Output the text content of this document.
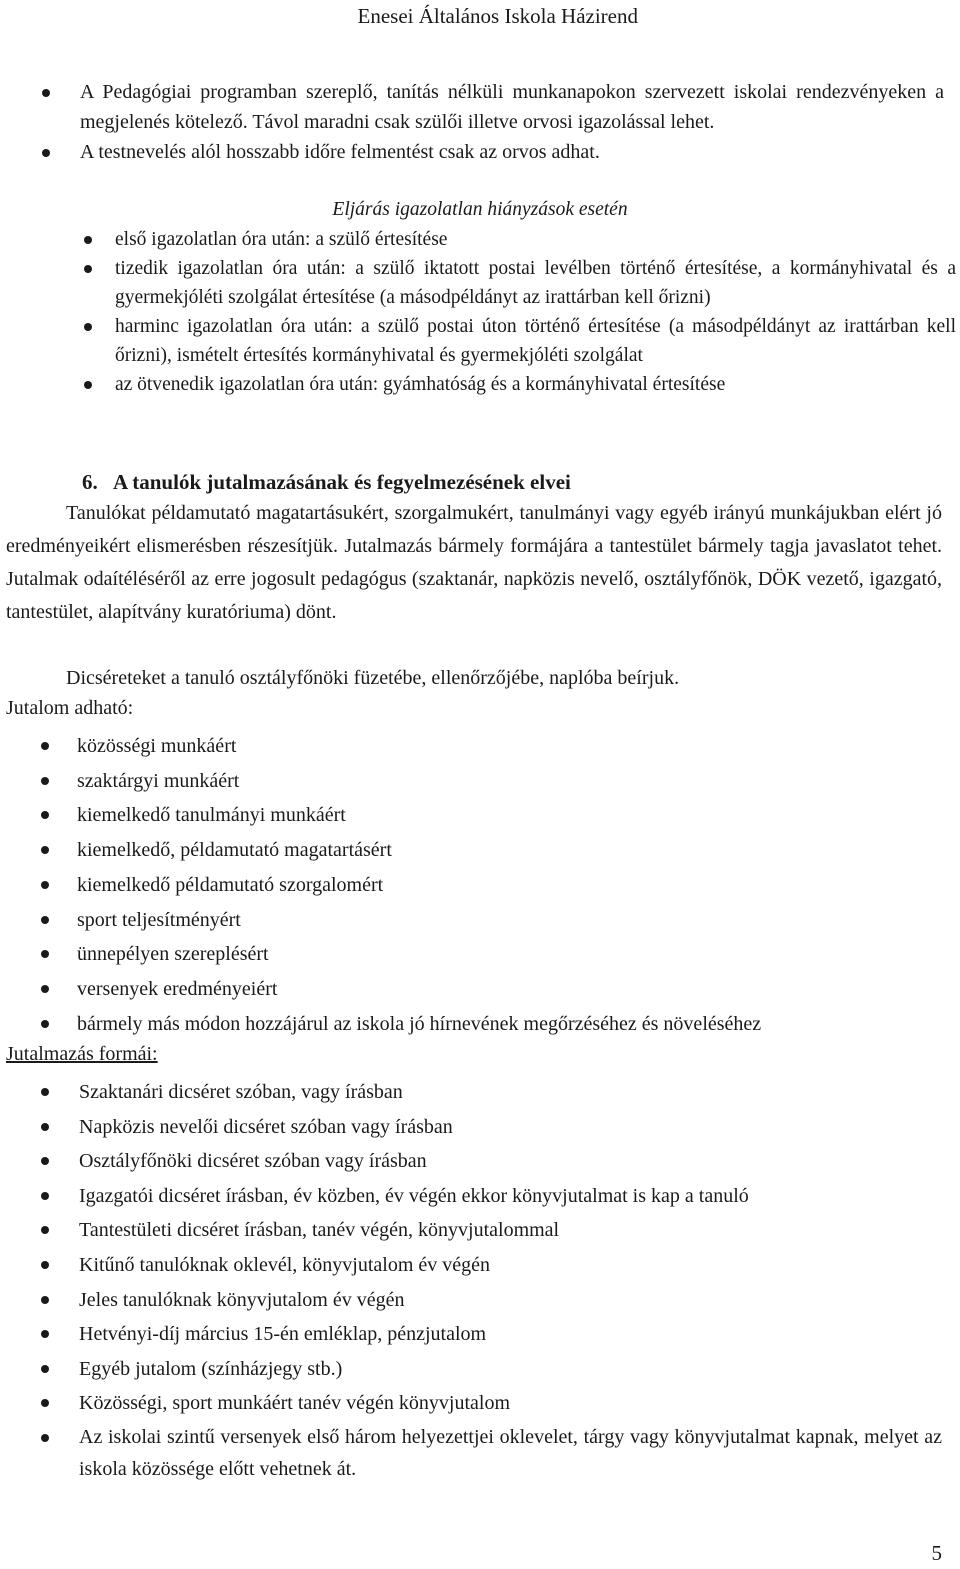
Enesei Általános Iskola Házirend
A Pedagógiai programban szereplő, tanítás nélküli munkanapokon szervezett iskolai rendezvényeken a megjelenés kötelező. Távol maradni csak szülői illetve orvosi igazolással lehet.
A testnevelés alól hosszabb időre felmentést csak az orvos adhat.
Eljárás igazolatlan hiányzások esetén
első igazolatlan óra után: a szülő értesítése
tizedik igazolatlan óra után: a szülő iktatott postai levélben történő értesítése, a kormányhivatal és a gyermekjóléti szolgálat értesítése (a másodpéldányt az irattárban kell őrizni)
harminc igazolatlan óra után: a szülő postai úton történő értesítése (a másodpéldányt az irattárban kell őrizni), ismételt értesítés kormányhivatal és gyermekjóléti szolgálat
az ötvenedik igazolatlan óra után: gyámhatóság és a kormányhivatal értesítése
6. A tanulók jutalmazásának és fegyelmezésének elvei
Tanulókat példamutató magatartásukért, szorgalmukért, tanulmányi vagy egyéb irányú munkájukban elért jó eredményeikért elismerésben részesítjük. Jutalmazás bármely formájára a tantestület bármely tagja javaslatot tehet. Jutalmak odaítéléséről az erre jogosult pedagógus (szaktanár, napközis nevelő, osztályfőnök, DÖK vezető, igazgató, tantestület, alapítvány kuratóriuma) dönt.
Dicséreteket a tanuló osztályfőnöki füzetébe, ellenőrzőjébe, naplóba beírjuk.
Jutalom adható:
közösségi munkáért
szaktárgyi munkáért
kiemelkedő tanulmányi munkáért
kiemelkedő, példamutató magatartásért
kiemelkedő példamutató szorgalomért
sport teljesítményért
ünnepélyen szereplésért
versenyek eredményeiért
bármely más módon hozzájárul az iskola jó hírnevének megőrzéséhez és növeléséhez
Jutalmazás formái:
Szaktanári dicséret szóban, vagy írásban
Napközis nevelői dicséret szóban vagy írásban
Osztályfőnöki dicséret szóban vagy írásban
Igazgatói dicséret írásban, év közben, év végén ekkor könyvjutalmat is kap a tanuló
Tantestületi dicséret írásban, tanév végén, könyvjutalommal
Kitűnő tanulóknak oklevél, könyvjutalom év végén
Jeles tanulóknak könyvjutalom év végén
Hetvényi-díj március 15-én emléklap, pénzjutalom
Egyéb jutalom (színházjegy stb.)
Közösségi, sport munkáért tanév végén könyvjutalom
Az iskolai szintű versenyek első három helyezettjei oklevelet, tárgy vagy könyvjutalmat kapnak, melyet az iskola közössége előtt vehetnek át.
5
